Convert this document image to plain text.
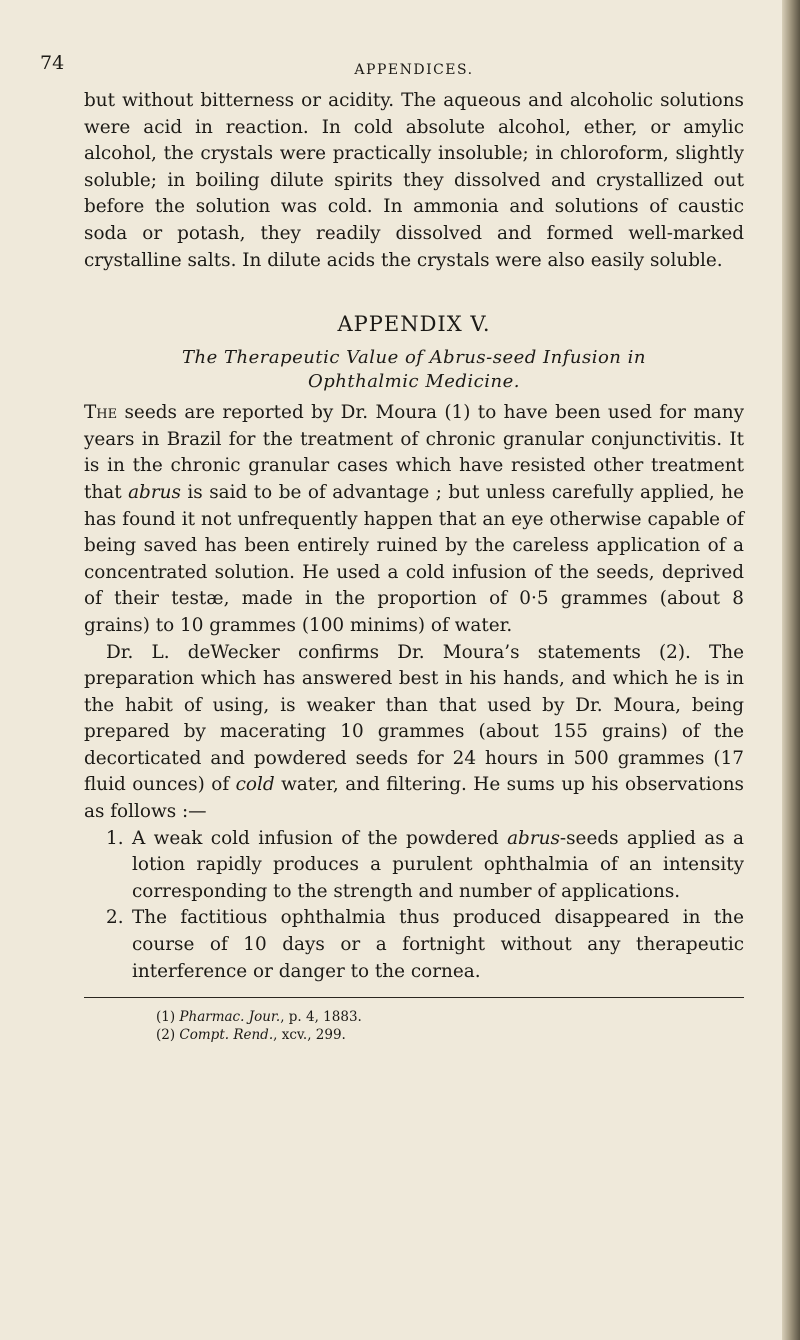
74	APPENDICES.

but without bitterness or acidity. The aqueous and alcoholic solutions were acid in reaction. In cold absolute alcohol, ether, or amylic alcohol, the crystals were practically insoluble; in chloroform, slightly soluble; in boiling dilute spirits they dissolved and crystallized out before the solution was cold. In ammonia and solutions of caustic soda or potash, they readily dissolved and formed well-marked crystalline salts. In dilute acids the crystals were also easily soluble.

APPENDIX V.
The Therapeutic Value of Abrus-seed Infusion in
Ophthalmic Medicine.

The seeds are reported by Dr. Moura (1) to have been used for many years in Brazil for the treatment of chronic granular conjunctivitis. It is in the chronic granular cases which have resisted other treatment that abrus is said to be of advantage ; but unless carefully applied, he has found it not unfrequently happen that an eye otherwise capable of being saved has been entirely ruined by the careless application of a concentrated solution. He used a cold infusion of the seeds, deprived of their testæ, made in the proportion of 0·5 grammes (about 8 grains) to 10 grammes (100 minims) of water.

Dr. L. deWecker confirms Dr. Moura’s statements (2). The preparation which has answered best in his hands, and which he is in the habit of using, is weaker than that used by Dr. Moura, being prepared by macerating 10 grammes (about 155 grains) of the decorticated and powdered seeds for 24 hours in 500 grammes (17 fluid ounces) of cold water, and filtering. He sums up his observations as follows :—

1. A weak cold infusion of the powdered abrus-seeds applied as a lotion rapidly produces a purulent ophthalmia of an intensity corresponding to the strength and number of applications.
2. The factitious ophthalmia thus produced disappeared in the course of 10 days or a fortnight without any therapeutic interference or danger to the cornea.
(1) Pharmac. Jour., p. 4, 1883.
(2) Compt. Rend., xcv., 299.
